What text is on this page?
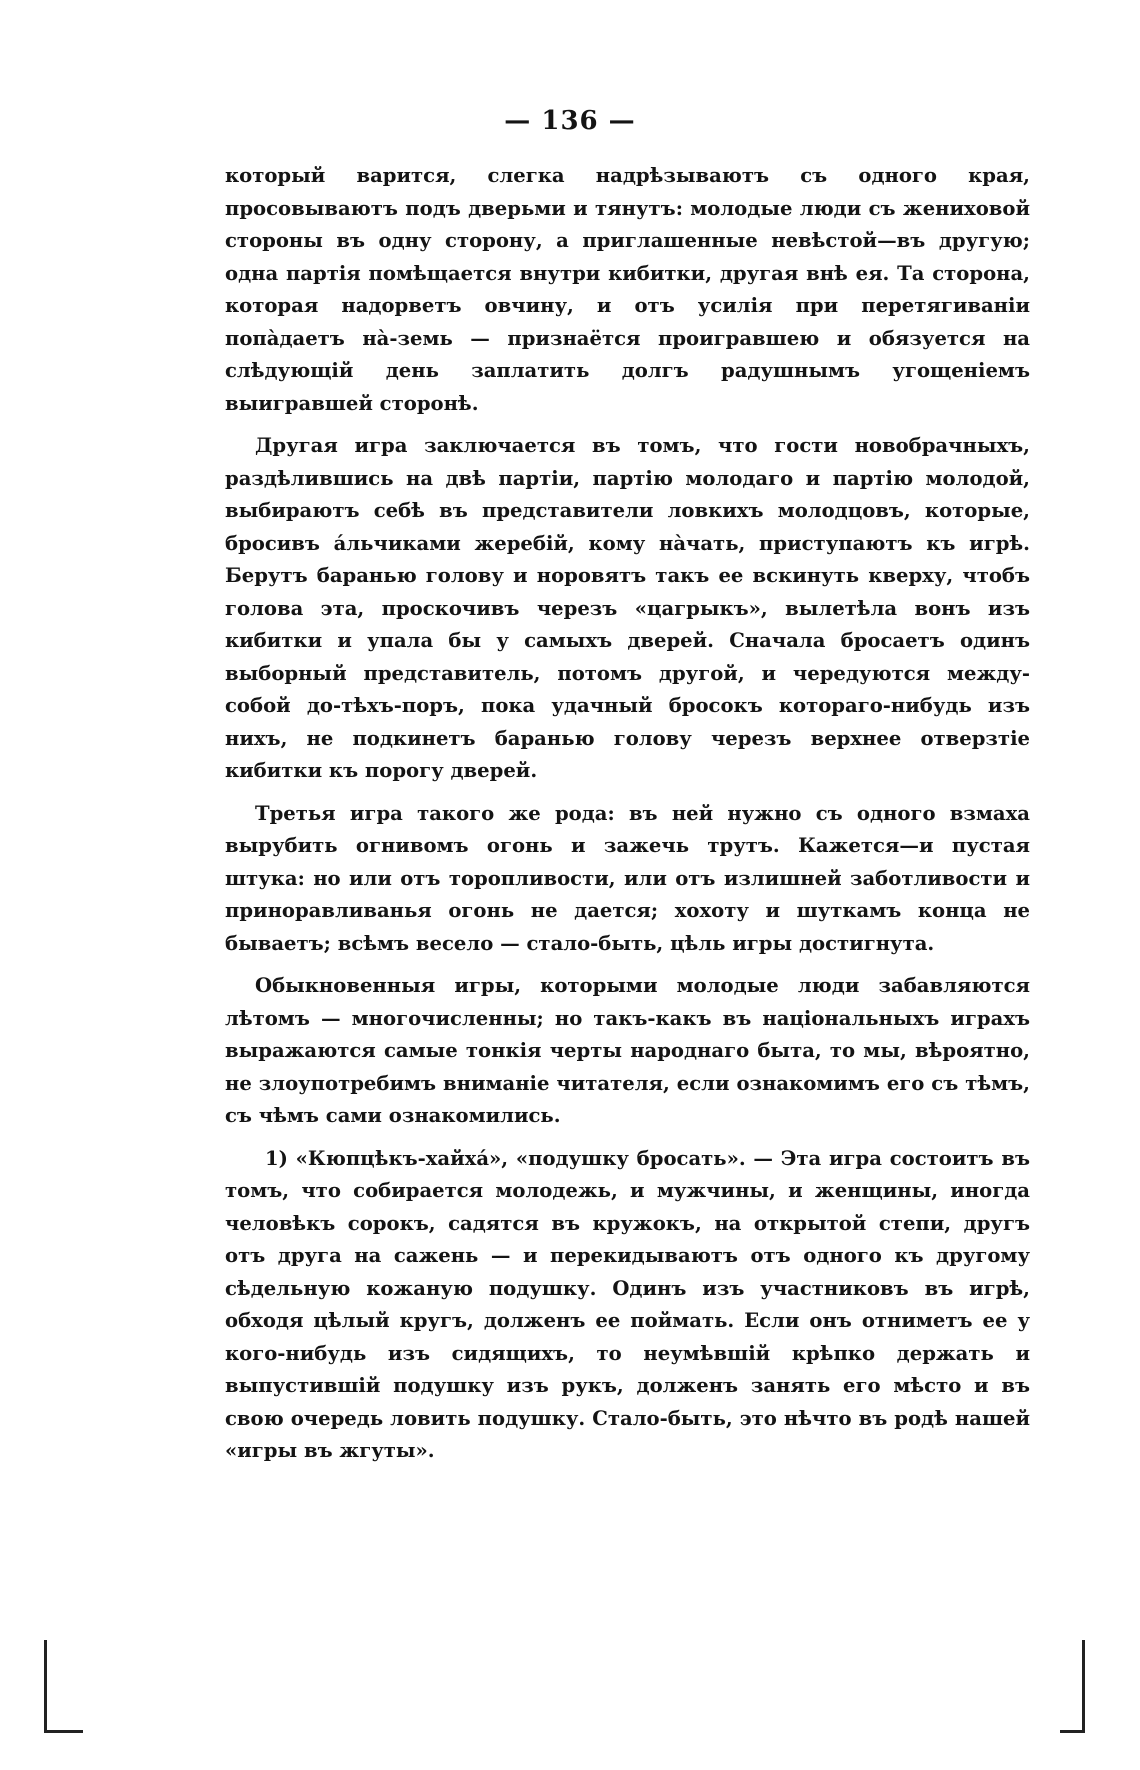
— 136 —

который варится, слегка надрѣзываютъ съ одного края, просовываютъ подъ дверьми и тянутъ: молодые люди съ жениховой стороны въ одну сторону, а приглашенные невѣстой—въ другую; одна партія помѣщается внутри кибитки, другая внѣ ея. Та сторона, которая надорветъ овчину, и отъ усилія при перетягиваніи попàдаетъ нà-земь — признаётся проигравшею и обязуется на слѣдующій день заплатить долгъ радушнымъ угощеніемъ выигравшей сторонѣ.

Другая игра заключается въ томъ, что гости новобрачныхъ, раздѣлившись на двѣ партіи, партію молодаго и партію молодой, выбираютъ себѣ въ представители ловкихъ молодцовъ, которые, бросивъ áльчиками жеребій, кому нàчать, приступаютъ къ игрѣ. Берутъ баранью голову и норовятъ такъ ее вскинуть кверху, чтобъ голова эта, проскочивъ черезъ «цагрыкъ», вылетѣла вонъ изъ кибитки и упала бы у самыхъ дверей. Сначала бросаетъ одинъ выборный представитель, потомъ другой, и чередуются между-собой до-тѣхъ-поръ, пока удачный бросокъ котораго-нибудь изъ нихъ, не подкинетъ баранью голову черезъ верхнее отверзтіе кибитки къ порогу дверей.

Третья игра такого же рода: въ ней нужно съ одного взмаха вырубить огнивомъ огонь и зажечь трутъ. Кажется—и пустая штука: но или отъ торопливости, или отъ излишней заботливости и приноравливанья огонь не дается; хохоту и шуткамъ конца не бываетъ; всѣмъ весело — стало-быть, цѣль игры достигнута.

Обыкновенныя игры, которыми молодые люди забавляются лѣтомъ — многочисленны; но такъ-какъ въ національныхъ играхъ выражаются самые тонкія черты народнаго быта, то мы, вѣроятно, не злоупотребимъ вниманіе читателя, если ознакомимъ его съ тѣмъ, съ чѣмъ сами ознакомились.

1) «Кюпцѣкъ-хайхá», «подушку бросать». — Эта игра состоитъ въ томъ, что собирается молодежь, и мужчины, и женщины, иногда человѣкъ сорокъ, садятся въ кружокъ, на открытой степи, другъ отъ друга на сажень — и перекидываютъ отъ одного къ другому сѣдельную кожаную подушку. Одинъ изъ участниковъ въ игрѣ, обходя цѣлый кругъ, долженъ ее поймать. Если онъ отниметъ ее у кого-нибудь изъ сидящихъ, то неумѣвшій крѣпко держать и выпустившій подушку изъ рукъ, долженъ занять его мѣсто и въ свою очередь ловить подушку. Стало-быть, это нѣчто въ родѣ нашей «игры въ жгуты».
